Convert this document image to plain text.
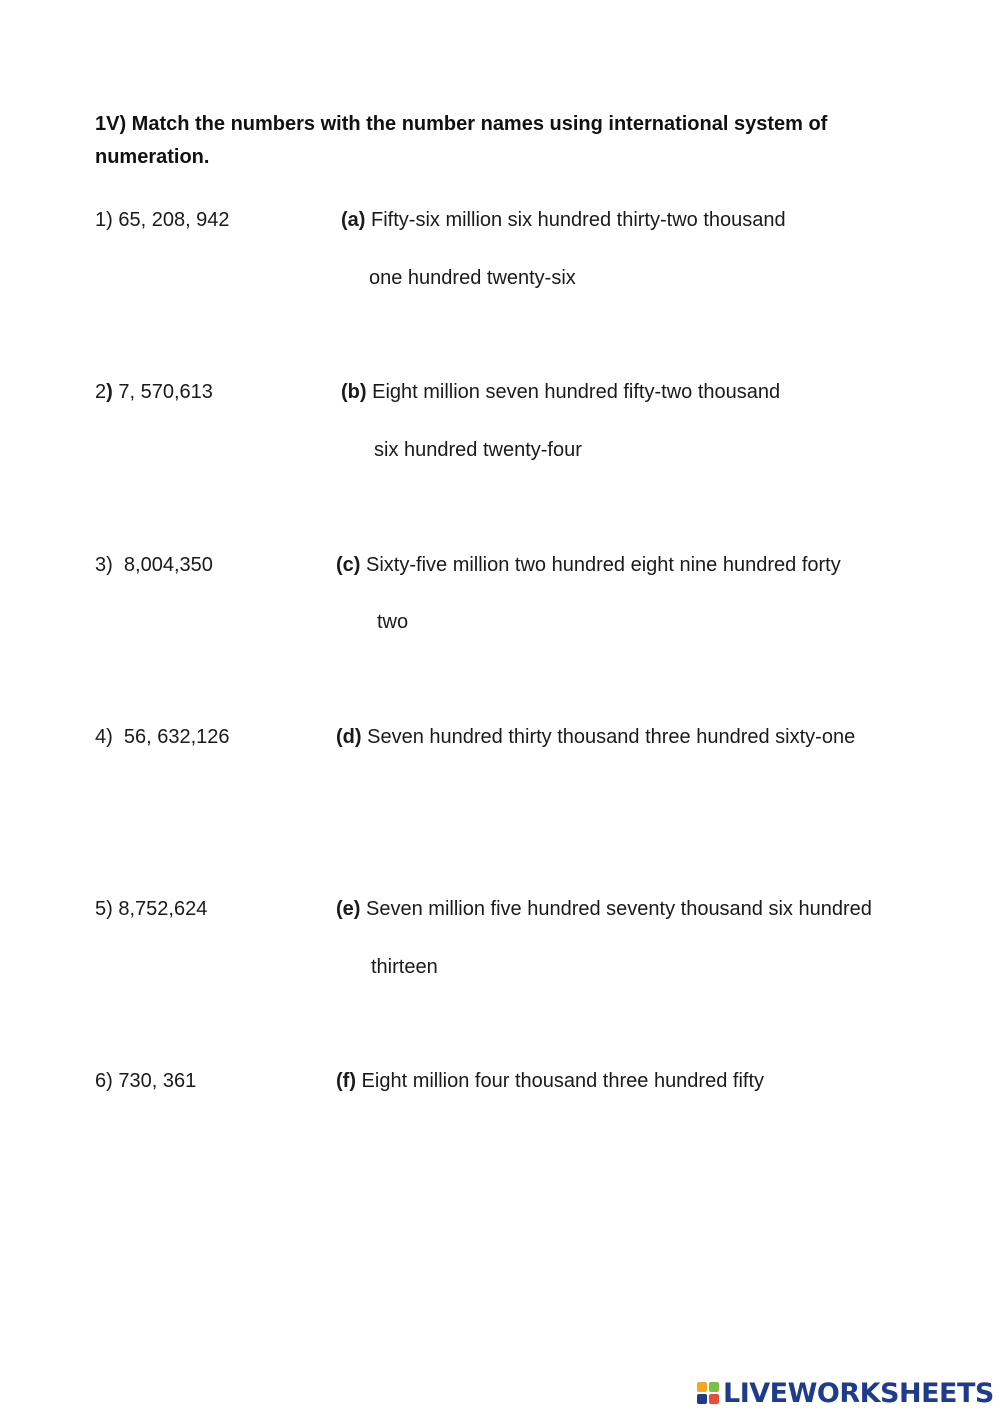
1V) Match the numbers with the number names using international system of numeration.
1) 65, 208, 942	(a) Fifty-six million six hundred thirty-two thousand
one hundred twenty-six
2) 7, 570,613	(b) Eight million seven hundred fifty-two thousand
six hundred twenty-four
3)  8,004,350	(c) Sixty-five million two hundred eight nine hundred forty
two
4)  56, 632,126	(d) Seven hundred thirty thousand three hundred sixty-one
5) 8,752,624	(e) Seven million five hundred seventy thousand six hundred
thirteen
6) 730, 361	(f) Eight million four thousand three hundred fifty
LIVEWORKSHEETS
